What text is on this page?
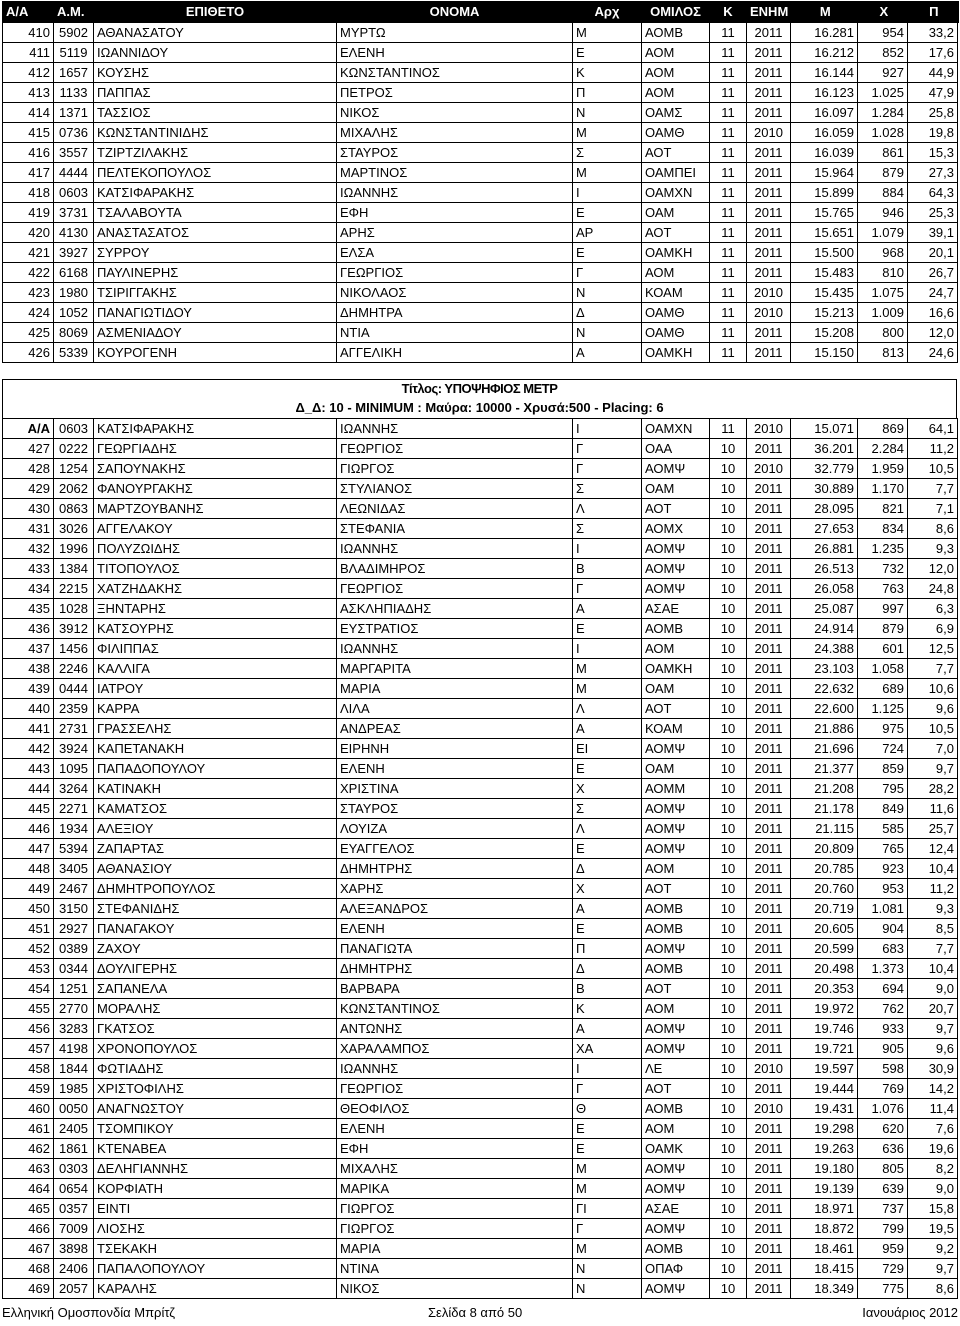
Α/Α	Α.Μ.	ΕΠΙΘΕΤΟ	ΟΝΟΜΑ	Αρχ	ΟΜΙΛΟΣ	Κ	ΕΝΗΜ	Μ	Χ	Π
410	5902	ΑΘΑΝΑΣΑΤΟΥ	ΜΥΡΤΩ	Μ	ΑΟΜΒ	11	2011	16.281	954	33,2
411	5119	ΙΩΑΝΝΙΔΟΥ	ΕΛΕΝΗ	Ε	ΑΟΜ	11	2011	16.212	852	17,6
412	1657	ΚΟΥΣΗΣ	ΚΩΝΣΤΑΝΤΙΝΟΣ	Κ	ΑΟΜ	11	2011	16.144	927	44,9
413	1133	ΠΑΠΠΑΣ	ΠΕΤΡΟΣ	Π	ΑΟΜ	11	2011	16.123	1.025	47,9
414	1371	ΤΑΣΣΙΟΣ	ΝΙΚΟΣ	Ν	ΟΑΜΣ	11	2011	16.097	1.284	25,8
415	0736	ΚΩΝΣΤΑΝΤΙΝΙΔΗΣ	ΜΙΧΑΛΗΣ	Μ	ΟΑΜΘ	11	2010	16.059	1.028	19,8
416	3557	ΤΖΙΡΤΖΙΛΑΚΗΣ	ΣΤΑΥΡΟΣ	Σ	ΑΟΤ	11	2011	16.039	861	15,3
417	4444	ΠΕΛΤΕΚΟΠΟΥΛΟΣ	ΜΑΡΤΙΝΟΣ	Μ	ΟΑΜΠΕΙ	11	2011	15.964	879	27,3
418	0603	ΚΑΤΣΙΦΑΡΑΚΗΣ	ΙΩΑΝΝΗΣ	Ι	ΟΑΜΧΝ	11	2011	15.899	884	64,3
419	3731	ΤΣΑΛΑΒΟΥΤΑ	ΕΦΗ	Ε	ΟΑΜ	11	2011	15.765	946	25,3
420	4130	ΑΝΑΣΤΑΣΑΤΟΣ	ΑΡΗΣ	ΑΡ	ΑΟΤ	11	2011	15.651	1.079	39,1
421	3927	ΣΥΡΡΟΥ	ΕΛΣΑ	Ε	ΟΑΜΚΗ	11	2011	15.500	968	20,1
422	6168	ΠΑΥΛΙΝΕΡΗΣ	ΓΕΩΡΓΙΟΣ	Γ	ΑΟΜ	11	2011	15.483	810	26,7
423	1980	ΤΣΙΡΙΓΓΑΚΗΣ	ΝΙΚΟΛΑΟΣ	Ν	ΚΟΑΜ	11	2010	15.435	1.075	24,7
424	1052	ΠΑΝΑΓΙΩΤΙΔΟΥ	ΔΗΜΗΤΡΑ	Δ	ΟΑΜΘ	11	2010	15.213	1.009	16,6
425	8069	ΑΣΜΕΝΙΑΔΟΥ	ΝΤΙΑ	Ν	ΟΑΜΘ	11	2011	15.208	800	12,0
426	5339	ΚΟΥΡΟΓΕΝΗ	ΑΓΓΕΛΙΚΗ	Α	ΟΑΜΚΗ	11	2011	15.150	813	24,6
Τίτλος: ΥΠΟΨΗΦΙΟΣ ΜΕΤΡ
Δ_Δ: 10 - MINIMUM : Μαύρα: 10000 - Χρυσά:500 - Placing: 6
Α/Α	0603	ΚΑΤΣΙΦΑΡΑΚΗΣ	ΙΩΑΝΝΗΣ	Ι	ΟΑΜΧΝ	11	2010	15.071	869	64,1
427	0222	ΓΕΩΡΓΙΑΔΗΣ	ΓΕΩΡΓΙΟΣ	Γ	ΟΑΑ	10	2011	36.201	2.284	11,2
428	1254	ΣΑΠΟΥΝΑΚΗΣ	ΓΙΩΡΓΟΣ	Γ	ΑΟΜΨ	10	2010	32.779	1.959	10,5
429	2062	ΦΑΝΟΥΡΓΑΚΗΣ	ΣΤΥΛΙΑΝΟΣ	Σ	ΟΑΜ	10	2011	30.889	1.170	7,7
430	0863	ΜΑΡΤΖΟΥΒΑΝΗΣ	ΛΕΩΝΙΔΑΣ	Λ	ΑΟΤ	10	2011	28.095	821	7,1
431	3026	ΑΓΓΕΛΑΚΟΥ	ΣΤΕΦΑΝΙΑ	Σ	ΑΟΜΧ	10	2011	27.653	834	8,6
432	1996	ΠΟΛΥΖΩΙΔΗΣ	ΙΩΑΝΝΗΣ	Ι	ΑΟΜΨ	10	2011	26.881	1.235	9,3
433	1384	ΤΙΤΟΠΟΥΛΟΣ	ΒΛΑΔΙΜΗΡΟΣ	Β	ΑΟΜΨ	10	2011	26.513	732	12,0
434	2215	ΧΑΤΖΗΔΑΚΗΣ	ΓΕΩΡΓΙΟΣ	Γ	ΑΟΜΨ	10	2011	26.058	763	24,8
435	1028	ΞΗΝΤΑΡΗΣ	ΑΣΚΛΗΠΙΑΔΗΣ	Α	ΑΣΑΕ	10	2011	25.087	997	6,3
436	3912	ΚΑΤΣΟΥΡΗΣ	ΕΥΣΤΡΑΤΙΟΣ	Ε	ΑΟΜΒ	10	2011	24.914	879	6,9
437	1456	ΦΙΛΙΠΠΑΣ	ΙΩΑΝΝΗΣ	Ι	ΑΟΜ	10	2011	24.388	601	12,5
438	2246	ΚΑΛΛΙΓΑ	ΜΑΡΓΑΡΙΤΑ	Μ	ΟΑΜΚΗ	10	2011	23.103	1.058	7,7
439	0444	ΙΑΤΡΟΥ	ΜΑΡΙΑ	Μ	ΟΑΜ	10	2011	22.632	689	10,6
440	2359	ΚΑΡΡΑ	ΛΙΛΑ	Λ	ΑΟΤ	10	2011	22.600	1.125	9,6
441	2731	ΓΡΑΣΣΕΛΗΣ	ΑΝΔΡΕΑΣ	Α	ΚΟΑΜ	10	2011	21.886	975	10,5
442	3924	ΚΑΠΕΤΑΝΑΚΗ	ΕΙΡΗΝΗ	ΕΙ	ΑΟΜΨ	10	2011	21.696	724	7,0
443	1095	ΠΑΠΑΔΟΠΟΥΛΟΥ	ΕΛΕΝΗ	Ε	ΟΑΜ	10	2011	21.377	859	9,7
444	3264	ΚΑΤΙΝΑΚΗ	ΧΡΙΣΤΙΝΑ	Χ	ΑΟΜΜ	10	2011	21.208	795	28,2
445	2271	ΚΑΜΑΤΣΟΣ	ΣΤΑΥΡΟΣ	Σ	ΑΟΜΨ	10	2011	21.178	849	11,6
446	1934	ΑΛΕΞΙΟΥ	ΛΟΥΙΖΑ	Λ	ΑΟΜΨ	10	2011	21.115	585	25,7
447	5394	ΖΑΠΑΡΤΑΣ	ΕΥΑΓΓΕΛΟΣ	Ε	ΑΟΜΨ	10	2011	20.809	765	12,4
448	3405	ΑΘΑΝΑΣΙΟΥ	ΔΗΜΗΤΡΗΣ	Δ	ΑΟΜ	10	2011	20.785	923	10,4
449	2467	ΔΗΜΗΤΡΟΠΟΥΛΟΣ	ΧΑΡΗΣ	Χ	ΑΟΤ	10	2011	20.760	953	11,2
450	3150	ΣΤΕΦΑΝΙΔΗΣ	ΑΛΕΞΑΝΔΡΟΣ	Α	ΑΟΜΒ	10	2011	20.719	1.081	9,3
451	2927	ΠΑΝΑΓΑΚΟΥ	ΕΛΕΝΗ	Ε	ΑΟΜΒ	10	2011	20.605	904	8,5
452	0389	ΖΑΧΟΥ	ΠΑΝΑΓΙΩΤΑ	Π	ΑΟΜΨ	10	2011	20.599	683	7,7
453	0344	ΔΟΥΛΙΓΕΡΗΣ	ΔΗΜΗΤΡΗΣ	Δ	ΑΟΜΒ	10	2011	20.498	1.373	10,4
454	1251	ΣΑΠΑΝΕΛΑ	ΒΑΡΒΑΡΑ	Β	ΑΟΤ	10	2011	20.353	694	9,0
455	2770	ΜΟΡΑΛΗΣ	ΚΩΝΣΤΑΝΤΙΝΟΣ	Κ	ΑΟΜ	10	2011	19.972	762	20,7
456	3283	ΓΚΑΤΣΟΣ	ΑΝΤΩΝΗΣ	Α	ΑΟΜΨ	10	2011	19.746	933	9,7
457	4198	ΧΡΟΝΟΠΟΥΛΟΣ	ΧΑΡΑΛΑΜΠΟΣ	ΧΑ	ΑΟΜΨ	10	2011	19.721	905	9,6
458	1844	ΦΩΤΙΑΔΗΣ	ΙΩΑΝΝΗΣ	Ι	ΛΕ	10	2010	19.597	598	30,9
459	1985	ΧΡΙΣΤΟΦΙΛΗΣ	ΓΕΩΡΓΙΟΣ	Γ	ΑΟΤ	10	2011	19.444	769	14,2
460	0050	ΑΝΑΓΝΩΣΤΟΥ	ΘΕΟΦΙΛΟΣ	Θ	ΑΟΜΒ	10	2010	19.431	1.076	11,4
461	2405	ΤΣΟΜΠΙΚΟΥ	ΕΛΕΝΗ	Ε	ΑΟΜ	10	2011	19.298	620	7,6
462	1861	ΚΤΕΝΑΒΕΑ	ΕΦΗ	Ε	ΟΑΜΚ	10	2011	19.263	636	19,6
463	0303	ΔΕΛΗΓΙΑΝΝΗΣ	ΜΙΧΑΛΗΣ	Μ	ΑΟΜΨ	10	2011	19.180	805	8,2
464	0654	ΚΟΡΦΙΑΤΗ	ΜΑΡΙΚΑ	Μ	ΑΟΜΨ	10	2011	19.139	639	9,0
465	0357	ΕΙΝΤΙ	ΓΙΩΡΓΟΣ	ΓΙ	ΑΣΑΕ	10	2011	18.971	737	15,8
466	7009	ΛΙΟΣΗΣ	ΓΙΩΡΓΟΣ	Γ	ΑΟΜΨ	10	2011	18.872	799	19,5
467	3898	ΤΣΕΚΑΚΗ	ΜΑΡΙΑ	Μ	ΑΟΜΒ	10	2011	18.461	959	9,2
468	2406	ΠΑΠΑΛΟΠΟΥΛΟΥ	ΝΤΙΝΑ	Ν	ΟΠΑΦ	10	2011	18.415	729	9,7
469	2057	ΚΑΡΑΛΗΣ	ΝΙΚΟΣ	Ν	ΑΟΜΨ	10	2011	18.349	775	8,6
Ελληνική Ομοσπονδία Μπρίτζ	Σελίδα 8 από 50	Ιανουάριος 2012
